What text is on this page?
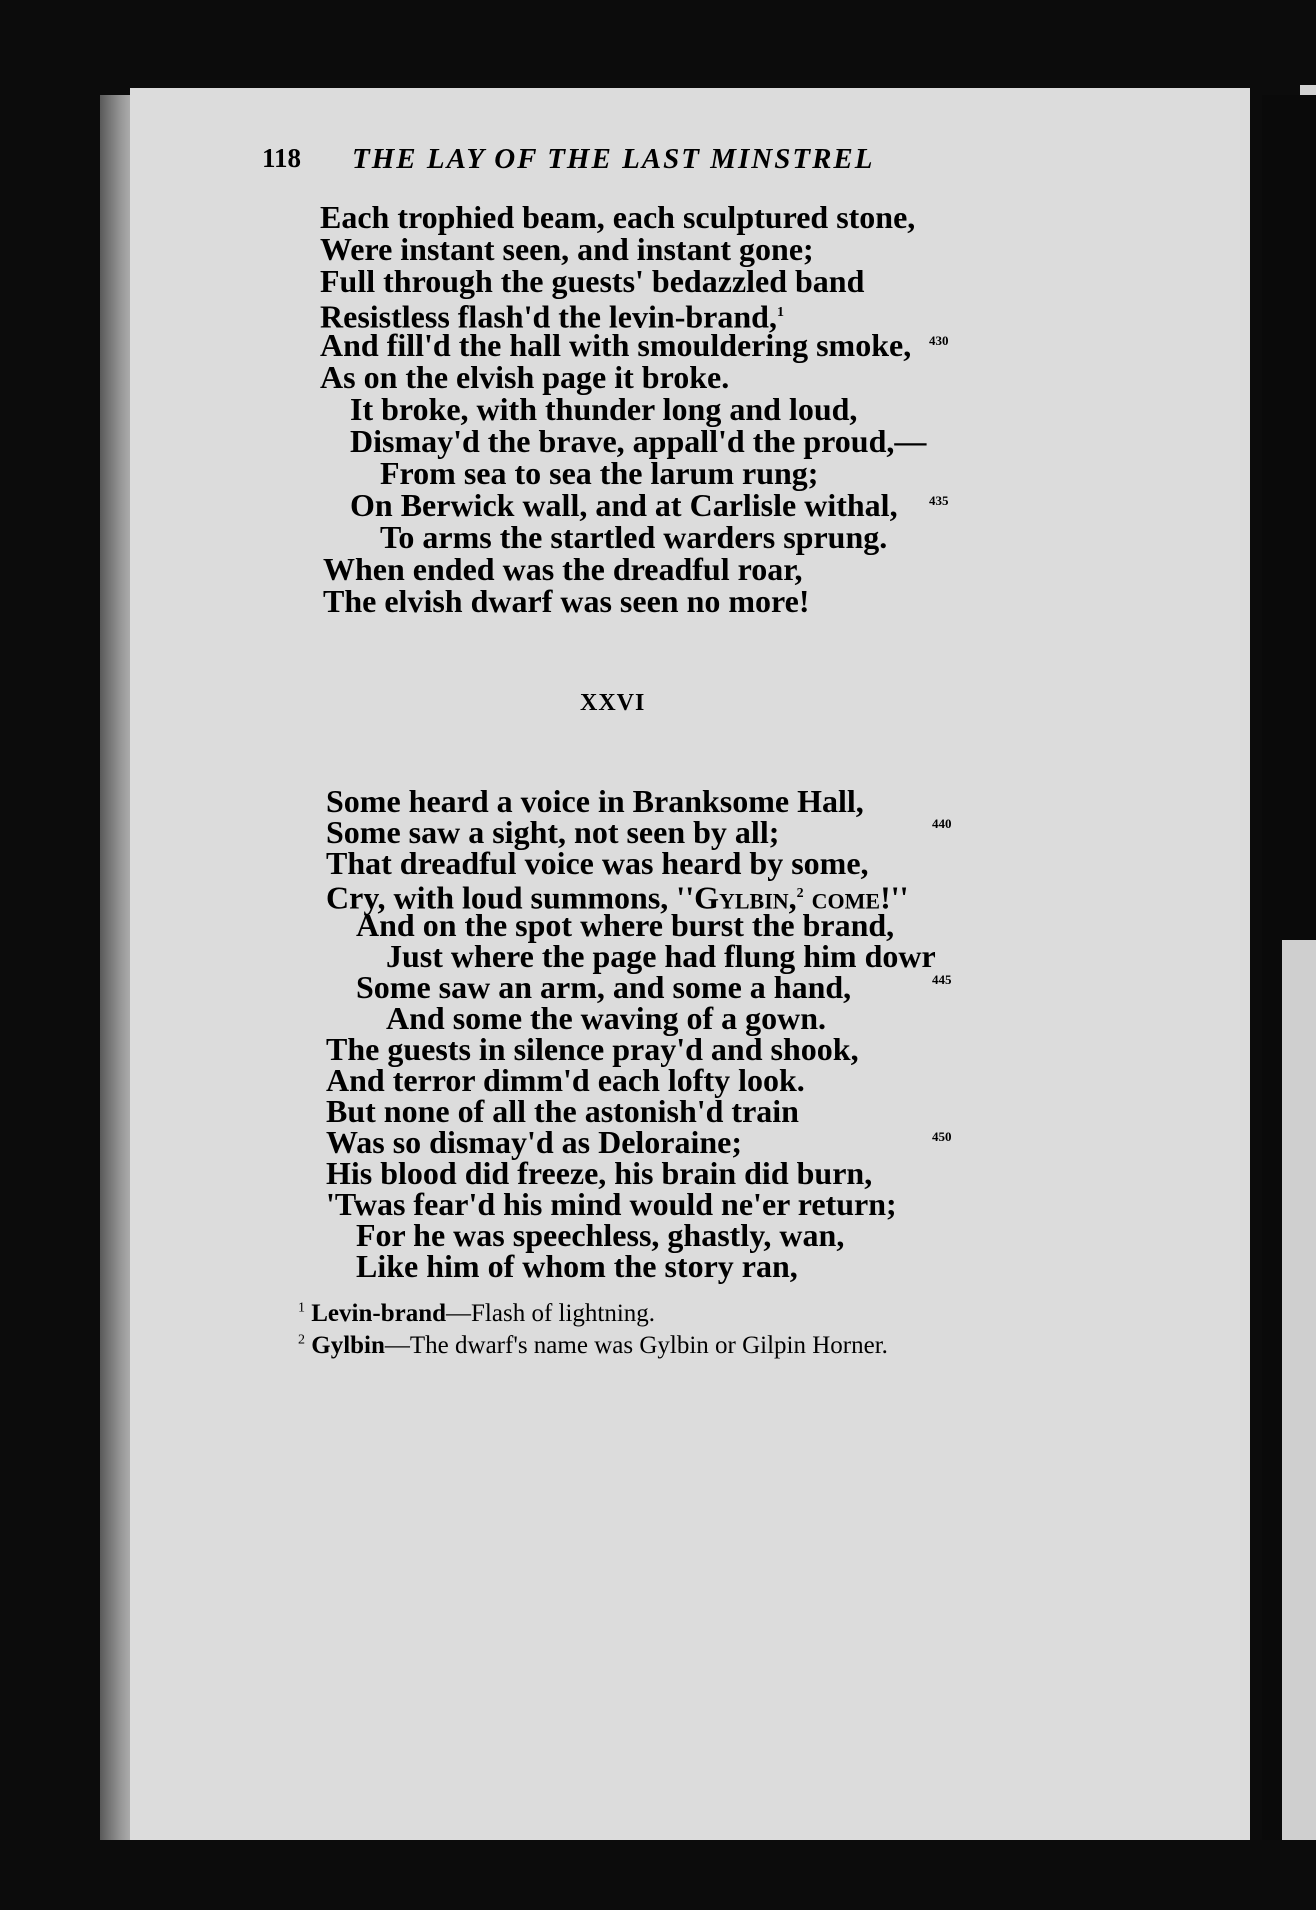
118 THE LAY OF THE LAST MINSTREL
Each trophied beam, each sculptured stone,
Were instant seen, and instant gone;
Full through the guests' bedazzled band
Resistless flash'd the levin-brand,$^1$
And fill'd the hall with smouldering smoke,
As on the elvish page it broke.
It broke, with thunder long and loud,
Dismay'd the brave, appall'd the proud,—
From sea to sea the larum rung;
On Berwick wall, and at Carlisle withal,
To arms the startled warders sprung.
When ended was the dreadful roar,
The elvish dwarf was seen no more!
430
435
XXVI
Some heard a voice in Branksome Hall,
Some saw a sight, not seen by all;
That dreadful voice was heard by some,
Cry, with loud summons, ''Gylbin,$^2$ come!''
And on the spot where burst the brand,
Just where the page had flung him dowr
Some saw an arm, and some a hand,
And some the waving of a gown.
The guests in silence pray'd and shook,
And terror dimm'd each lofty look.
But none of all the astonish'd train
Was so dismay'd as Deloraine;
His blood did freeze, his brain did burn,
'Twas fear'd his mind would ne'er return;
For he was speechless, ghastly, wan,
Like him of whom the story ran,
440
445
450
$^1$ Levin-brand—Flash of lightning.
$^2$ Gylbin—The dwarf's name was Gylbin or Gilpin Horner.
